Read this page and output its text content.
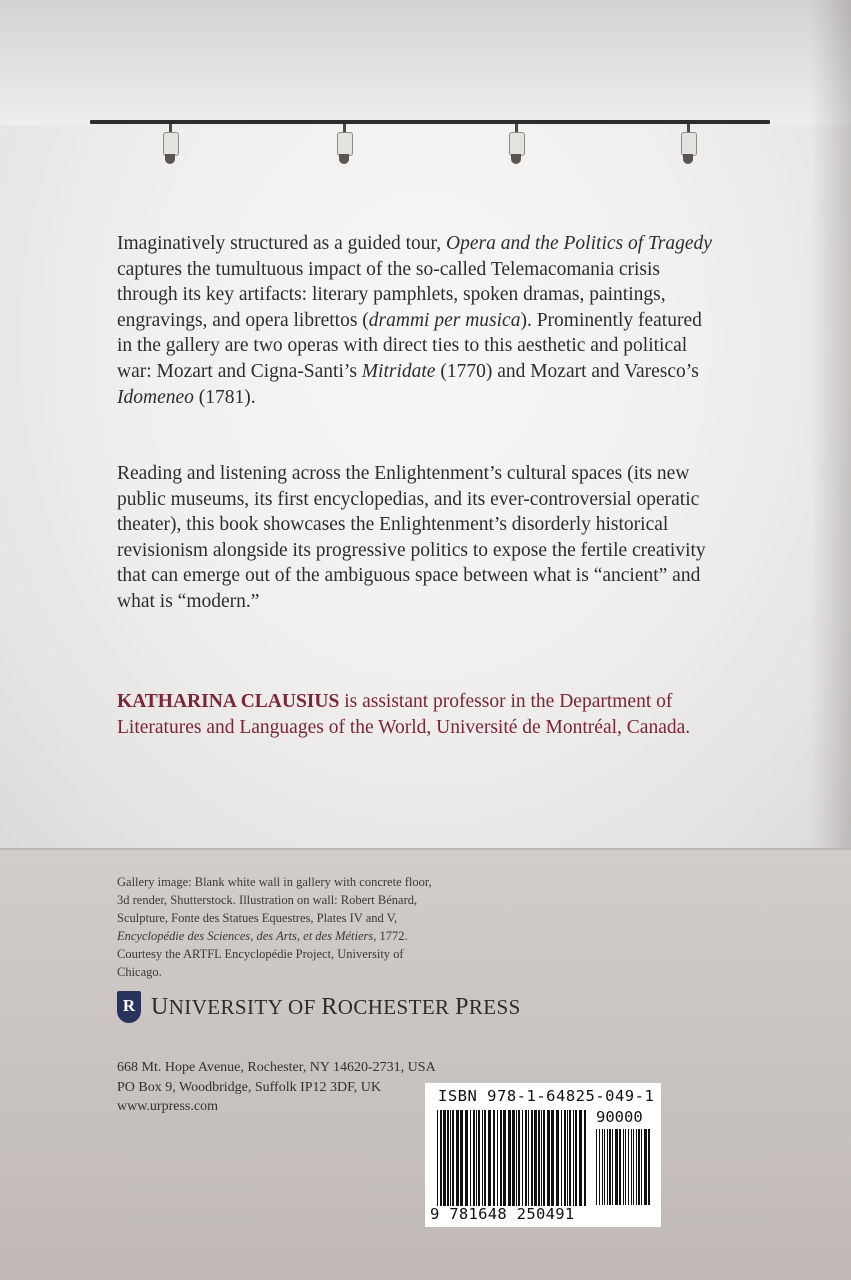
Imaginatively structured as a guided tour, Opera and the Politics of Tragedy captures the tumultuous impact of the so-called Telemacomania crisis through its key artifacts: literary pamphlets, spoken dramas, paintings, engravings, and opera librettos (drammi per musica). Prominently featured in the gallery are two operas with direct ties to this aesthetic and political war: Mozart and Cigna-Santi’s Mitridate (1770) and Mozart and Varesco’s Idomeneo (1781).

Reading and listening across the Enlightenment’s cultural spaces (its new public museums, its first encyclopedias, and its ever-controversial operatic theater), this book showcases the Enlightenment’s disorderly historical revisionism alongside its progressive politics to expose the fertile creativity that can emerge out of the ambiguous space between what is “ancient” and what is “modern.”

KATHARINA CLAUSIUS is assistant professor in the Department of Literatures and Languages of the World, Université de Montréal, Canada.

Gallery image: Blank white wall in gallery with concrete floor, 3d render, Shutterstock. Illustration on wall: Robert Bénard, Sculpture, Fonte des Statues Equestres, Plates IV and V, Encyclopédie des Sciences, des Arts, et des Métiers, 1772. Courtesy the ARTFL Encyclopédie Project, University of Chicago.
R UNIVERSITY OF ROCHESTER PRESS
668 Mt. Hope Avenue, Rochester, NY 14620-2731, USA
PO Box 9, Woodbridge, Suffolk IP12 3DF, UK
www.urpress.com
ISBN 978-1-64825-049-1
90000
9 781648 250491
